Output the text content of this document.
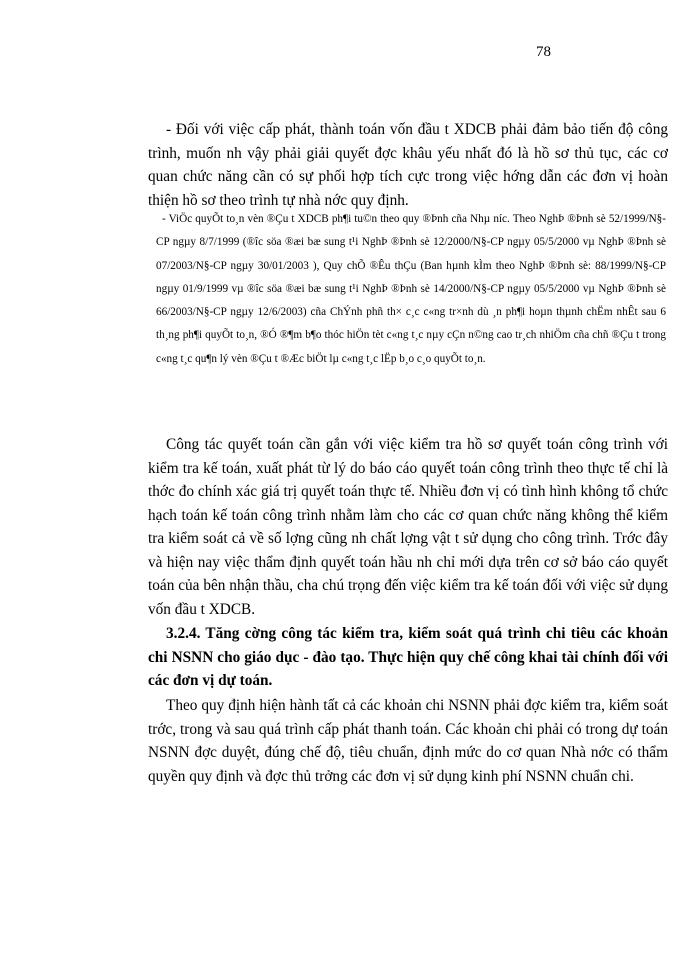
78

- Đối với việc cấp phát, thành toán vốn đầu t XDCB phải đảm bảo tiến độ công trình, muốn nh vậy phải giải quyết đợc khâu yếu nhất đó là hồ sơ thủ tục, các cơ quan chức năng cần có sự phối hợp tích cực trong việc hớng dẫn các đơn vị hoàn thiện hồ sơ theo trình tự nhà nớc quy định.

- ViÖc quyÕt to¸n vèn ®Çu t XDCB ph¶i tu©n theo quy ®Þnh cña Nhµ níc. Theo NghÞ ®Þnh sè 52/1999/N§-CP ngµy 8/7/1999 (®îc söa ®æi bæ sung t¹i NghÞ ®Þnh sè 12/2000/N§-CP ngµy 05/5/2000 vµ NghÞ ®Þnh sè 07/2003/N§-CP ngµy 30/01/2003 ), Quy chÕ ®Êu thÇu (Ban hµnh kÌm theo NghÞ ®Þnh sè: 88/1999/N§-CP ngµy 01/9/1999 vµ ®îc söa ®æi bæ sung t¹i NghÞ ®Þnh sè 14/2000/N§-CP ngµy 05/5/2000 vµ NghÞ ®Þnh sè 66/2003/N§-CP ngµy 12/6/2003) cña ChÝnh phñ th× c¸c c«ng tr×nh dù ¸n ph¶i hoµn thµnh chËm nhÊt sau 6 th¸ng ph¶i quyÕt to¸n, ®Ó ®¶m b¶o thóc hiÖn tèt c«ng t¸c nµy cÇn n©ng cao tr¸ch nhiÖm cña chñ ®Çu t trong c«ng t¸c qu¶n lý vèn ®Çu t ®Æc biÖt lµ c«ng t¸c lËp b¸o c¸o quyÕt to¸n.

Công tác quyết toán cần gắn với việc kiểm tra hồ sơ quyết toán công trình với kiểm tra kế toán, xuất phát từ lý do báo cáo quyết toán công trình theo thực tế chỉ là thớc đo chính xác giá trị quyết toán thực tế. Nhiều đơn vị có tình hình không tổ chức hạch toán kế toán công trình nhằm làm cho các cơ quan chức năng không thể kiểm tra kiểm soát cả về số lợng cũng nh chất lợng vật t sử dụng cho công trình. Trớc đây và hiện nay việc thẩm định quyết toán hầu nh chỉ mới dựa trên cơ sở báo cáo quyết toán của bên nhận thầu, cha chú trọng đến việc kiểm tra kế toán đối với việc sử dụng vốn đầu t XDCB.

3.2.4. Tăng cờng công tác kiểm tra, kiểm soát quá trình chi tiêu các khoản chi NSNN cho giáo dục - đào tạo. Thực hiện quy chế công khai tài chính đối với các đơn vị dự toán.

Theo quy định hiện hành tất cả các khoản chi NSNN phải đợc kiểm tra, kiểm soát trớc, trong và sau quá trình cấp phát thanh toán. Các khoản chi phải có trong dự toán NSNN đợc duyệt, đúng chế độ, tiêu chuẩn, định mức do cơ quan Nhà nớc có thẩm quyền quy định và đợc thủ trởng các đơn vị sử dụng kinh phí NSNN chuẩn chi.
